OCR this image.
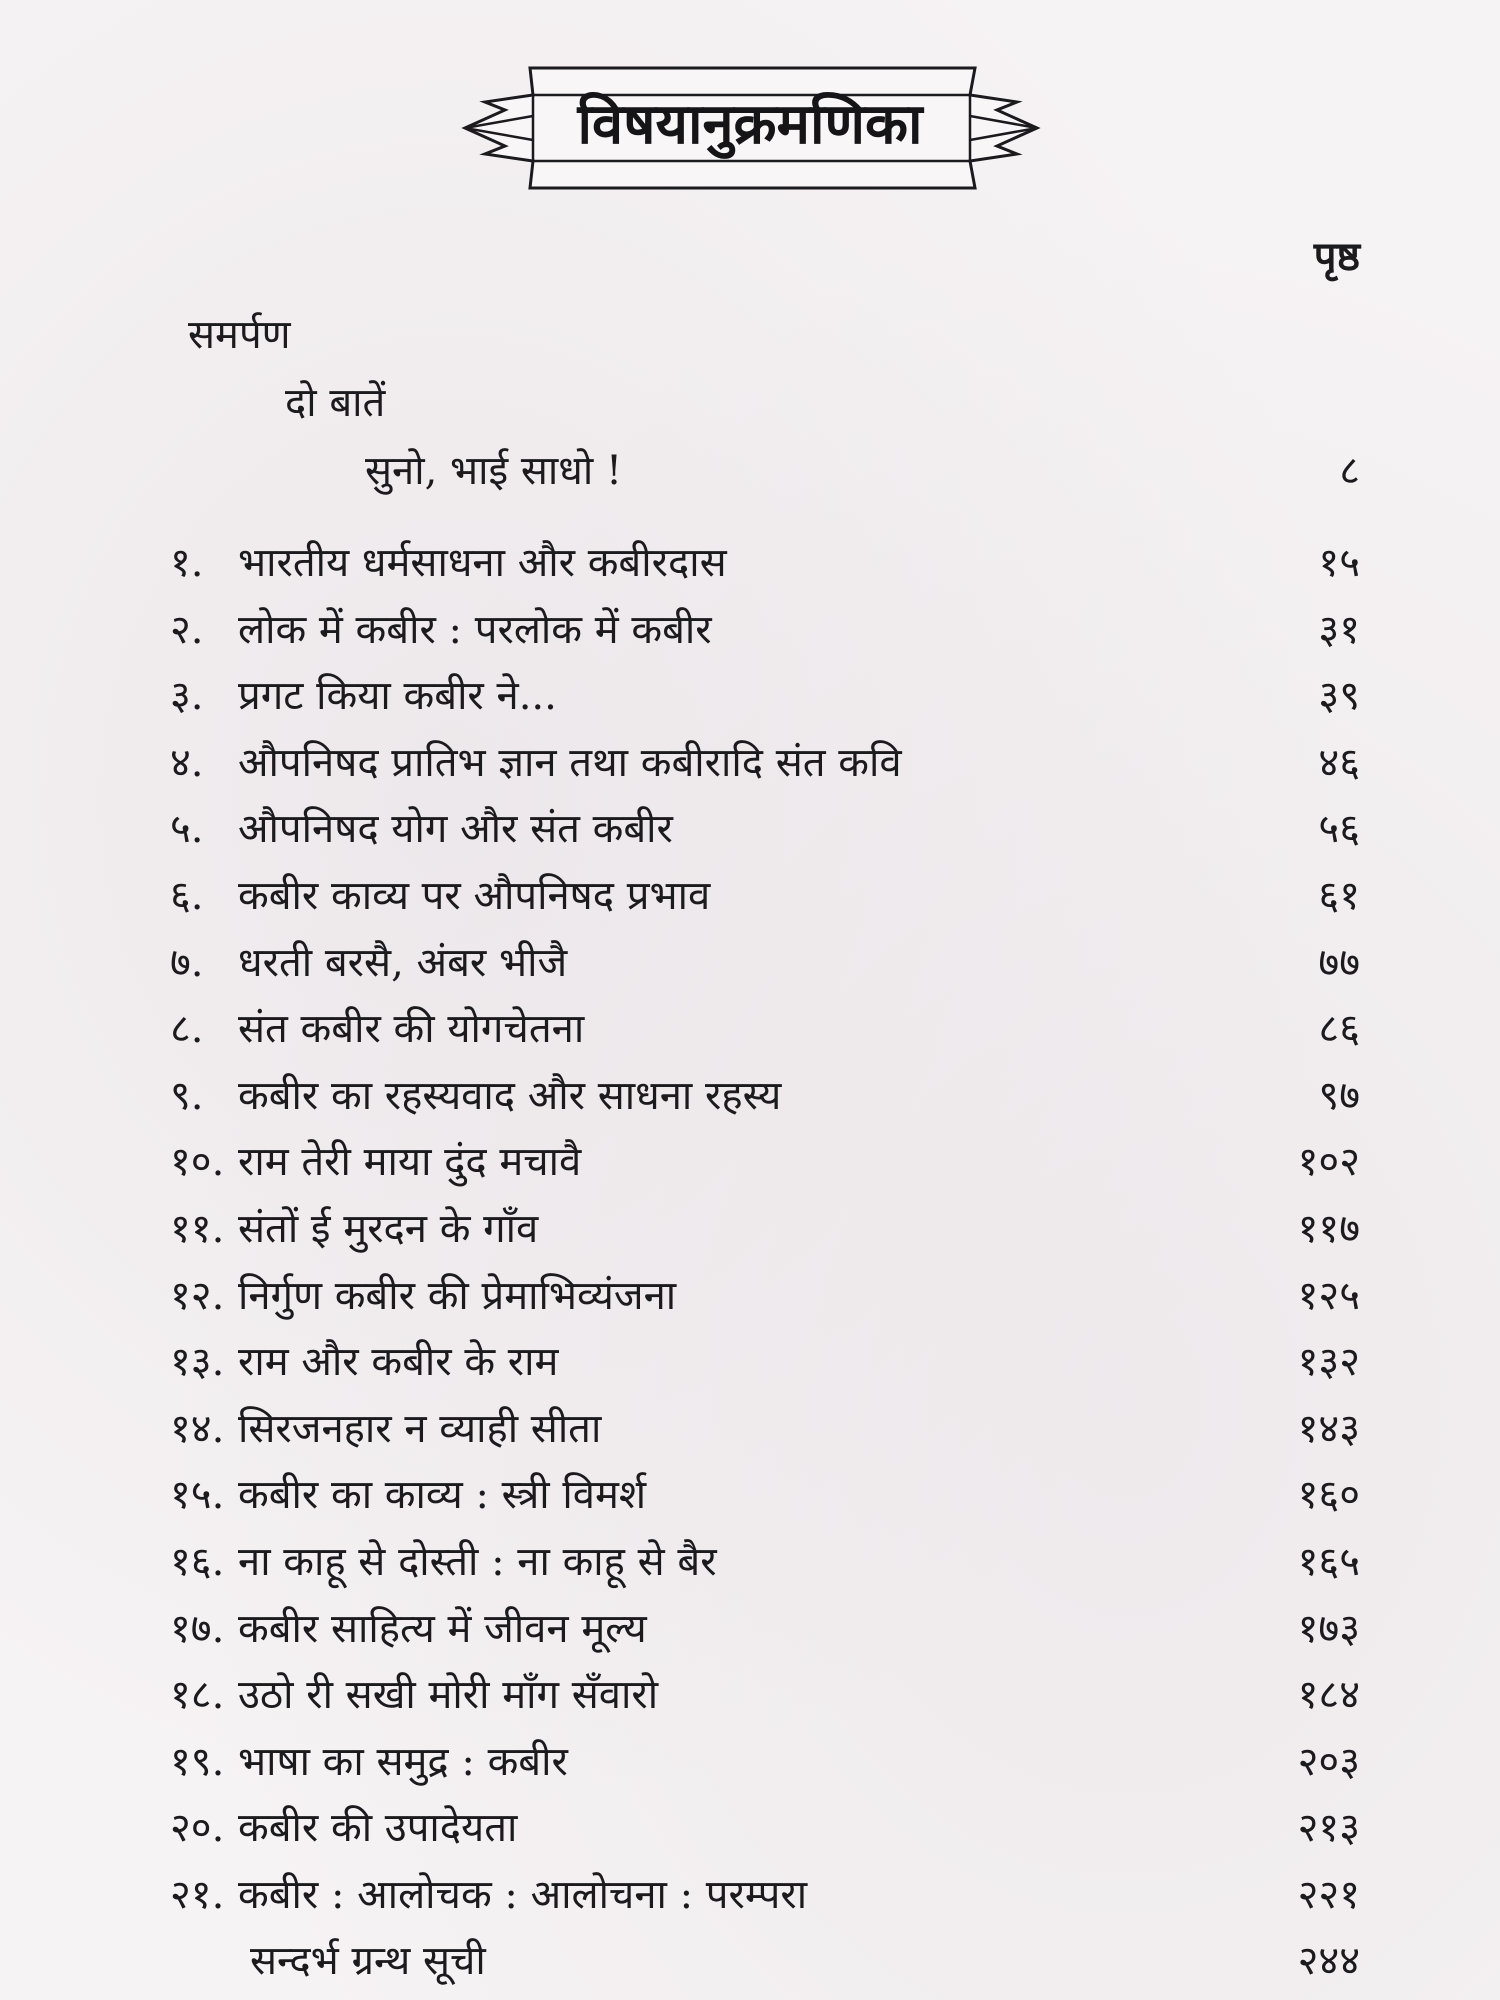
विषयानुक्रमणिका
पृष्ठ
समर्पण
दो बातें
सुनो, भाई साधो !	८
१. भारतीय धर्मसाधना और कबीरदास	१५
२. लोक में कबीर : परलोक में कबीर	३१
३. प्रगट किया कबीर ने...	३९
४. औपनिषद प्रातिभ ज्ञान तथा कबीरादि संत कवि	४६
५. औपनिषद योग और संत कबीर	५६
६. कबीर काव्य पर औपनिषद प्रभाव	६१
७. धरती बरसै, अंबर भीजै	७७
८. संत कबीर की योगचेतना	८६
९. कबीर का रहस्यवाद और साधना रहस्य	९७
१०. राम तेरी माया दुंद मचावै	१०२
११. संतों ई मुरदन के गाँव	११७
१२. निर्गुण कबीर की प्रेमाभिव्यंजना	१२५
१३. राम और कबीर के राम	१३२
१४. सिरजनहार न व्याही सीता	१४३
१५. कबीर का काव्य : स्त्री विमर्श	१६०
१६. ना काहू से दोस्ती : ना काहू से बैर	१६५
१७. कबीर साहित्य में जीवन मूल्य	१७३
१८. उठो री सखी मोरी माँग सँवारो	१८४
१९. भाषा का समुद्र : कबीर	२०३
२०. कबीर की उपादेयता	२१३
२१. कबीर : आलोचक : आलोचना : परम्परा	२२१
सन्दर्भ ग्रन्थ सूची	२४४
